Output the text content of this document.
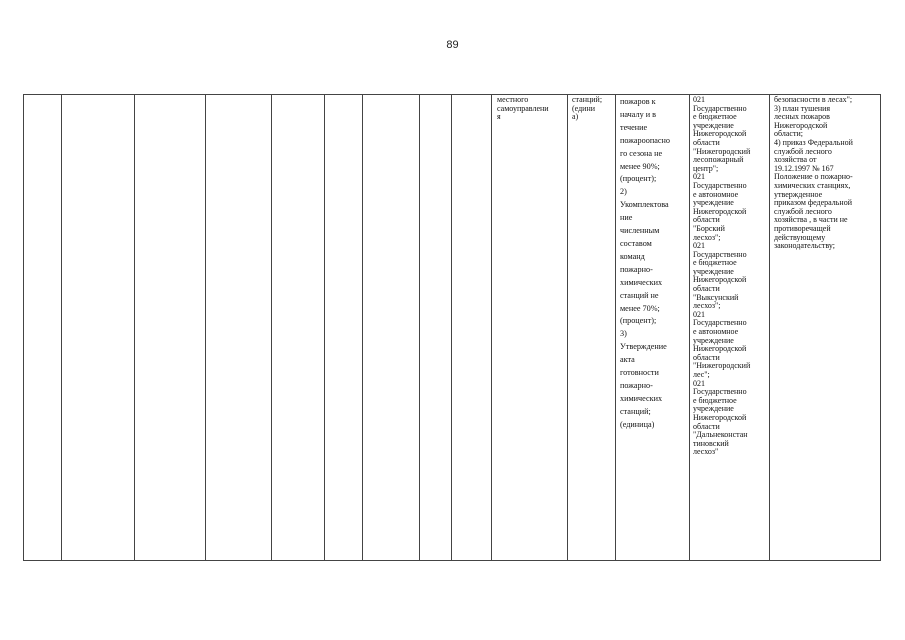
89
местного
самоуправлени
я
станций;
(едини
а)
пожаров к
началу и в
течение
пожароопасно
го сезона не
менее 90%;
(процент);
2)
Укомплектова
ние
численным
составом
команд
пожарно-
химических
станций не
менее 70%;
(процент);
3)
Утверждение
акта
готовности
пожарно-
химических
станций;
(единица)
021
Государственно
е бюджетное
учреждение
Нижегородской
области
"Нижегородский
лесопожарный
центр";
021
Государственно
е автономное
учреждение
Нижегородской
области
"Борский
лесхоз";
021
Государственно
е бюджетное
учреждение
Нижегородской
области
"Выксунский
лесхоз";
021
Государственно
е автономное
учреждение
Нижегородской
области
"Нижегородский
лес";
021
Государственно
е бюджетное
учреждение
Нижегородской
области
"Дальнеконстан
тиновский
лесхоз"
безопасности в лесах";
3) план тушения
лесных пожаров
Нижегородской
области;
4) приказ Федеральной
службой лесного
хозяйства от
19.12.1997 № 167
Положение о пожарно-
химических станциях,
утвержденное
приказом федеральной
службой лесного
хозяйства , в части не
противоречащей
действующему
законодательству;
